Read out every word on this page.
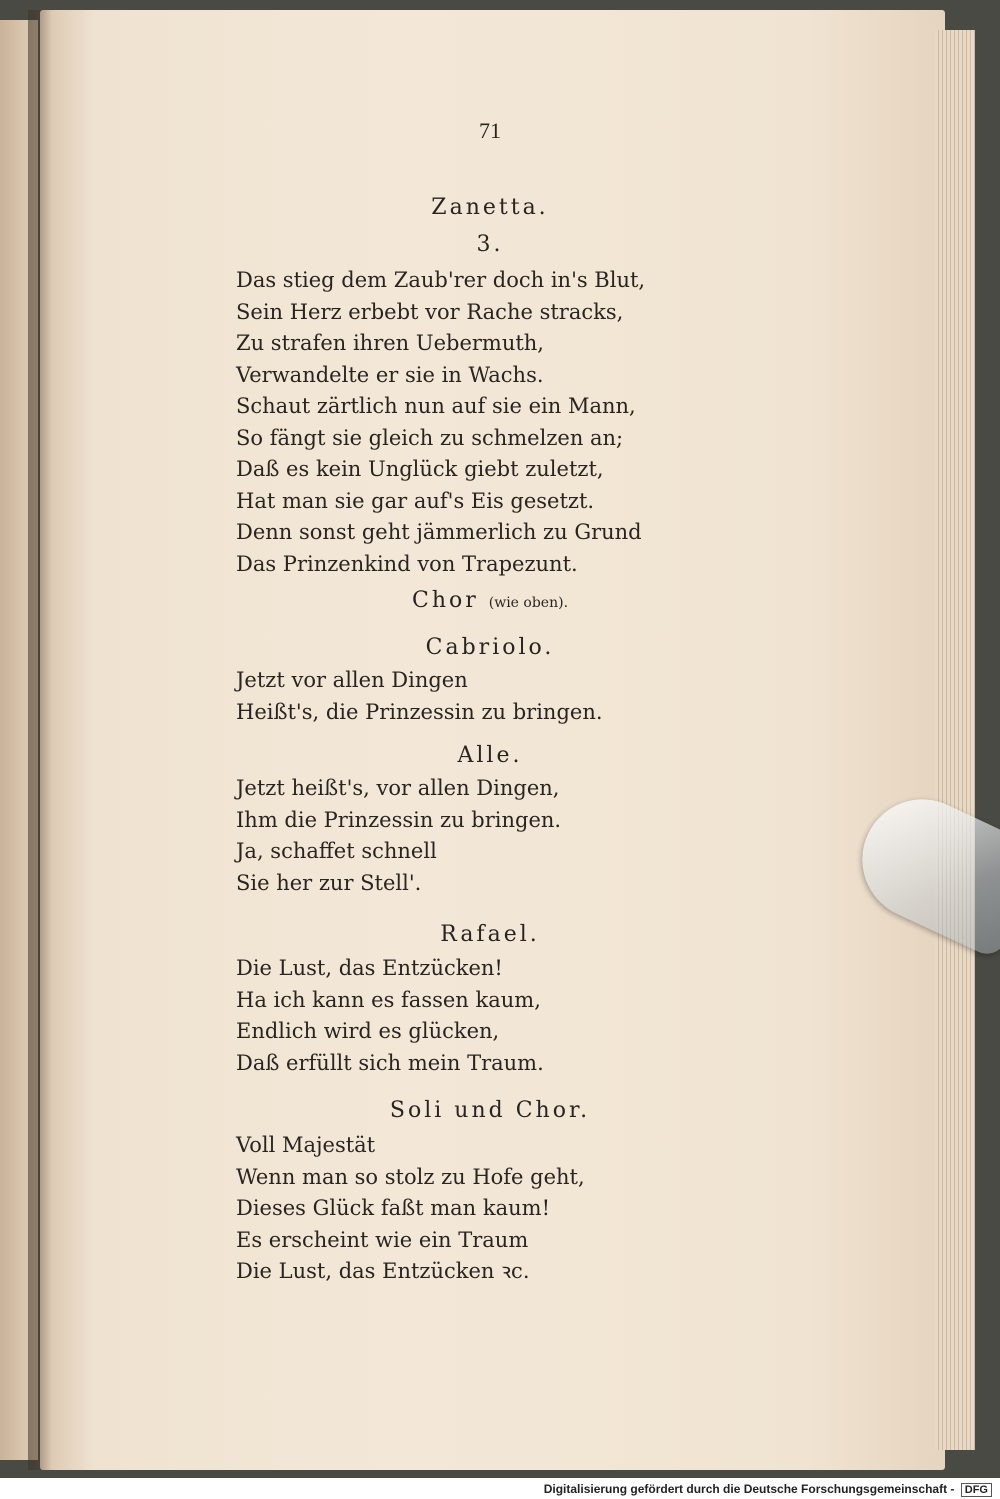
71
Zanetta.
3.
Das stieg dem Zaub'rer doch in's Blut,
Sein Herz erbebt vor Rache stracks,
Zu strafen ihren Uebermuth,
Verwandelte er sie in Wachs.
Schaut zärtlich nun auf sie ein Mann,
So fängt sie gleich zu schmelzen an;
Daß es kein Unglück giebt zuletzt,
Hat man sie gar auf's Eis gesetzt.
Denn sonst geht jämmerlich zu Grund
Das Prinzenkind von Trapezunt.
Chor (wie oben).
Cabriolo.
Jetzt vor allen Dingen
Heißt's, die Prinzessin zu bringen.
Alle.
Jetzt heißt's, vor allen Dingen,
Ihm die Prinzessin zu bringen.
Ja, schaffet schnell
Sie her zur Stell'.
Rafael.
Die Lust, das Entzücken!
Ha ich kann es fassen kaum,
Endlich wird es glücken,
Daß erfüllt sich mein Traum.
Soli und Chor.
Voll Majestät
Wenn man so stolz zu Hofe geht,
Dieses Glück faßt man kaum!
Es erscheint wie ein Traum
Die Lust, das Entzücken ꝛc.
Digitalisierung gefördert durch die Deutsche Forschungsgemeinschaft - DFG
